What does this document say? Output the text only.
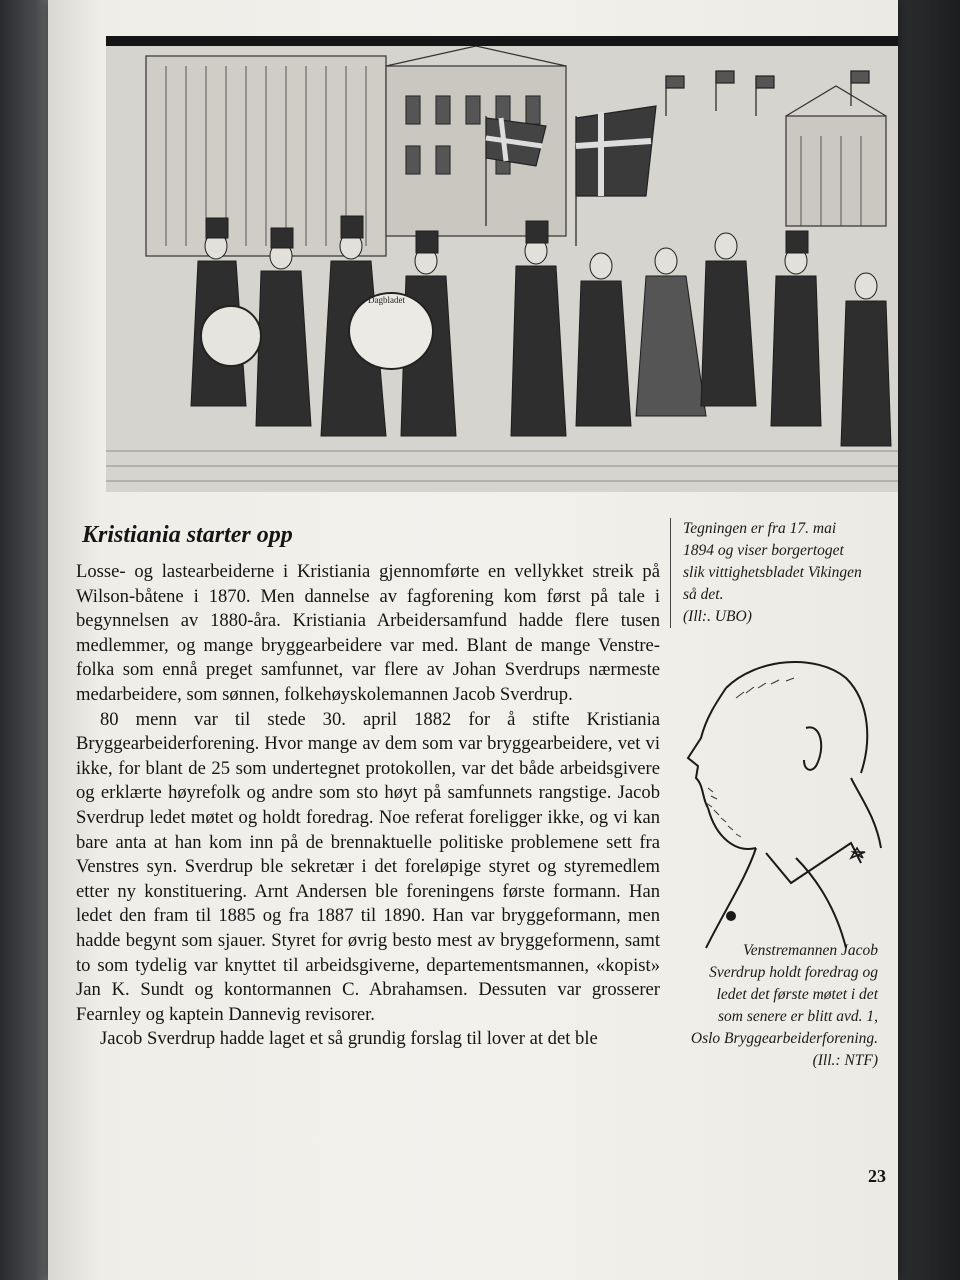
Dagbladet
Kristiania starter opp

Losse- og lastearbeiderne i Kristiania gjennomførte en vellykket streik på Wilson-båtene i 1870. Men dannelse av fagforening kom først på tale i begynnelsen av 1880-åra. Kristiania Arbeidersamfund hadde flere tusen medlemmer, og mange bryggearbeidere var med. Blant de mange Venstre-folka som ennå preget samfunnet, var flere av Johan Sverdrups nærmeste medarbeidere, som sønnen, folkehøyskolemannen Jacob Sverdrup.

80 menn var til stede 30. april 1882 for å stifte Kristiania Bryggearbeiderforening. Hvor mange av dem som var bryggearbeidere, vet vi ikke, for blant de 25 som undertegnet protokollen, var det både arbeidsgivere og erklærte høyrefolk og andre som sto høyt på samfunnets rangstige. Jacob Sverdrup ledet møtet og holdt foredrag. Noe referat foreligger ikke, og vi kan bare anta at han kom inn på de brennaktuelle politiske problemene sett fra Venstres syn. Sverdrup ble sekretær i det foreløpige styret og styremedlem etter ny konstituering. Arnt Andersen ble foreningens første formann. Han ledet den fram til 1885 og fra 1887 til 1890. Han var bryggeformann, men hadde begynt som sjauer. Styret for øvrig besto mest av bryggeformenn, samt to som tydelig var knyttet til arbeidsgiverne, departementsmannen, «kopist» Jan K. Sundt og kontormannen C. Abrahamsen. Dessuten var grosserer Fearnley og kaptein Dannevig revisorer.

Jacob Sverdrup hadde laget et så grundig forslag til lover at det ble

Tegningen er fra 17. mai 1894 og viser borgertoget slik vittighetsbladet Vikingen så det.
(Ill:. UBO)

Venstremannen Jacob Sverdrup holdt foredrag og ledet det første møtet i det som senere er blitt avd. 1, Oslo Bryggearbeiderforening.
(Ill.: NTF)

23
